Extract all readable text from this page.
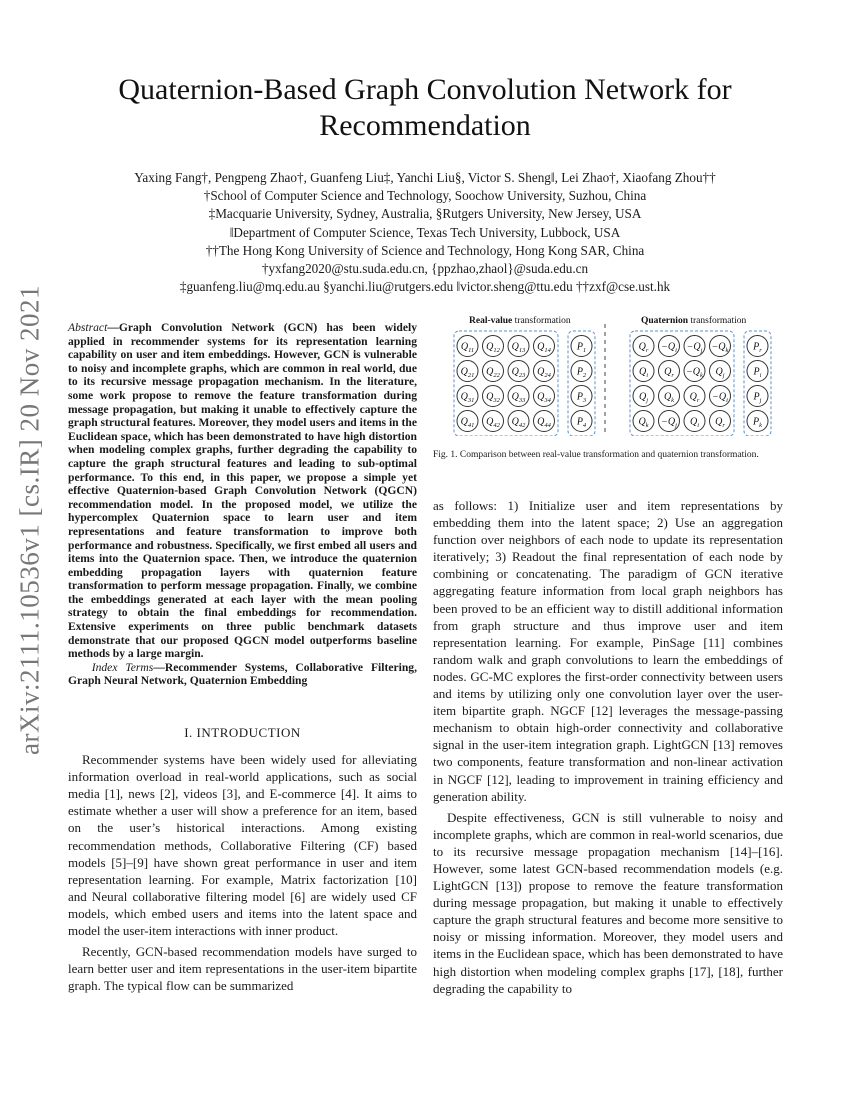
arXiv:2111.10536v1 [cs.IR] 20 Nov 2021
Quaternion-Based Graph Convolution Network for
Recommendation
Yaxing Fang†, Pengpeng Zhao†, Guanfeng Liu‡, Yanchi Liu§, Victor S. Sheng‖, Lei Zhao†, Xiaofang Zhou††
†School of Computer Science and Technology, Soochow University, Suzhou, China
‡Macquarie University, Sydney, Australia, §Rutgers University, New Jersey, USA
‖Department of Computer Science, Texas Tech University, Lubbock, USA
††The Hong Kong University of Science and Technology, Hong Kong SAR, China
†yxfang2020@stu.suda.edu.cn, {ppzhao,zhaol}@suda.edu.cn
‡guanfeng.liu@mq.edu.au §yanchi.liu@rutgers.edu ‖victor.sheng@ttu.edu ††zxf@cse.ust.hk

Abstract—Graph Convolution Network (GCN) has been widely applied in recommender systems for its representation learning capability on user and item embeddings. However, GCN is vulnerable to noisy and incomplete graphs, which are common in real world, due to its recursive message propagation mechanism. In the literature, some work propose to remove the feature transformation during message propagation, but making it unable to effectively capture the graph structural features. Moreover, they model users and items in the Euclidean space, which has been demonstrated to have high distortion when modeling complex graphs, further degrading the capability to capture the graph structural features and leading to sub-optimal performance. To this end, in this paper, we propose a simple yet effective Quaternion-based Graph Convolution Network (QGCN) recommendation model. In the proposed model, we utilize the hypercomplex Quaternion space to learn user and item representations and feature transformation to improve both performance and robustness. Specifically, we first embed all users and items into the Quaternion space. Then, we introduce the quaternion embedding propagation layers with quaternion feature transformation to perform message propagation. Finally, we combine the embeddings generated at each layer with the mean pooling strategy to obtain the final embeddings for recommendation. Extensive experiments on three public benchmark datasets demonstrate that our proposed QGCN model outperforms baseline methods by a large margin.

Index Terms—Recommender Systems, Collaborative Filtering, Graph Neural Network, Quaternion Embedding

I. INTRODUCTION

Recommender systems have been widely used for alleviating information overload in real-world applications, such as social media [1], news [2], videos [3], and E-commerce [4]. It aims to estimate whether a user will show a preference for an item, based on the user’s historical interactions. Among existing recommendation methods, Collaborative Filtering (CF) based models [5]–[9] have shown great performance in user and item representation learning. For example, Matrix factorization [10] and Neural collaborative filtering model [6] are widely used CF models, which embed users and items into the latent space and model the user-item interactions with inner product.

Recently, GCN-based recommendation models have surged to learn better user and item representations in the user-item bipartite graph. The typical flow can be summarized

Real-value transformation	Quaternion transformation
$Q_{11}$ $Q_{12}$ $Q_{13}$ $Q_{14}$
$Q_{21}$ $Q_{22}$ $Q_{23}$ $Q_{24}$
$Q_{31}$ $Q_{32}$ $Q_{33}$ $Q_{34}$
$Q_{41}$ $Q_{42}$ $Q_{42}$ $Q_{44}$
$P_1$
$P_2$
$P_3$
$P_4$
$Q_r -Q_i -Q_j -Q_k$
$Q_i$ $Q_r -Q_k$ $Q_j$
$Q_j$ $Q_k$ $Q_r -Q_i$
$Q_k -Q_j$ $Q_i$ $Q_r$
$P_r$
$P_i$
$P_j$
$P_k$
Fig. 1. Comparison between real-value transformation and quaternion transformation.

as follows: 1) Initialize user and item representations by embedding them into the latent space; 2) Use an aggregation function over neighbors of each node to update its representation iteratively; 3) Readout the final representation of each node by combining or concatenating. The paradigm of GCN iterative aggregating feature information from local graph neighbors has been proved to be an efficient way to distill additional information from graph structure and thus improve user and item representation learning. For example, PinSage [11] combines random walk and graph convolutions to learn the embeddings of nodes. GC-MC explores the first-order connectivity between users and items by utilizing only one convolution layer over the user-item bipartite graph. NGCF [12] leverages the message-passing mechanism to obtain high-order connectivity and collaborative signal in the user-item integration graph. LightGCN [13] removes two components, feature transformation and non-linear activation in NGCF [12], leading to improvement in training efficiency and generation ability.

Despite effectiveness, GCN is still vulnerable to noisy and incomplete graphs, which are common in real-world scenarios, due to its recursive message propagation mechanism [14]–[16]. However, some latest GCN-based recommendation models (e.g. LightGCN [13]) propose to remove the feature transformation during message propagation, but making it unable to effectively capture the graph structural features and become more sensitive to noisy or missing information. Moreover, they model users and items in the Euclidean space, which has been demonstrated to have high distortion when modeling complex graphs [17], [18], further degrading the capability to
